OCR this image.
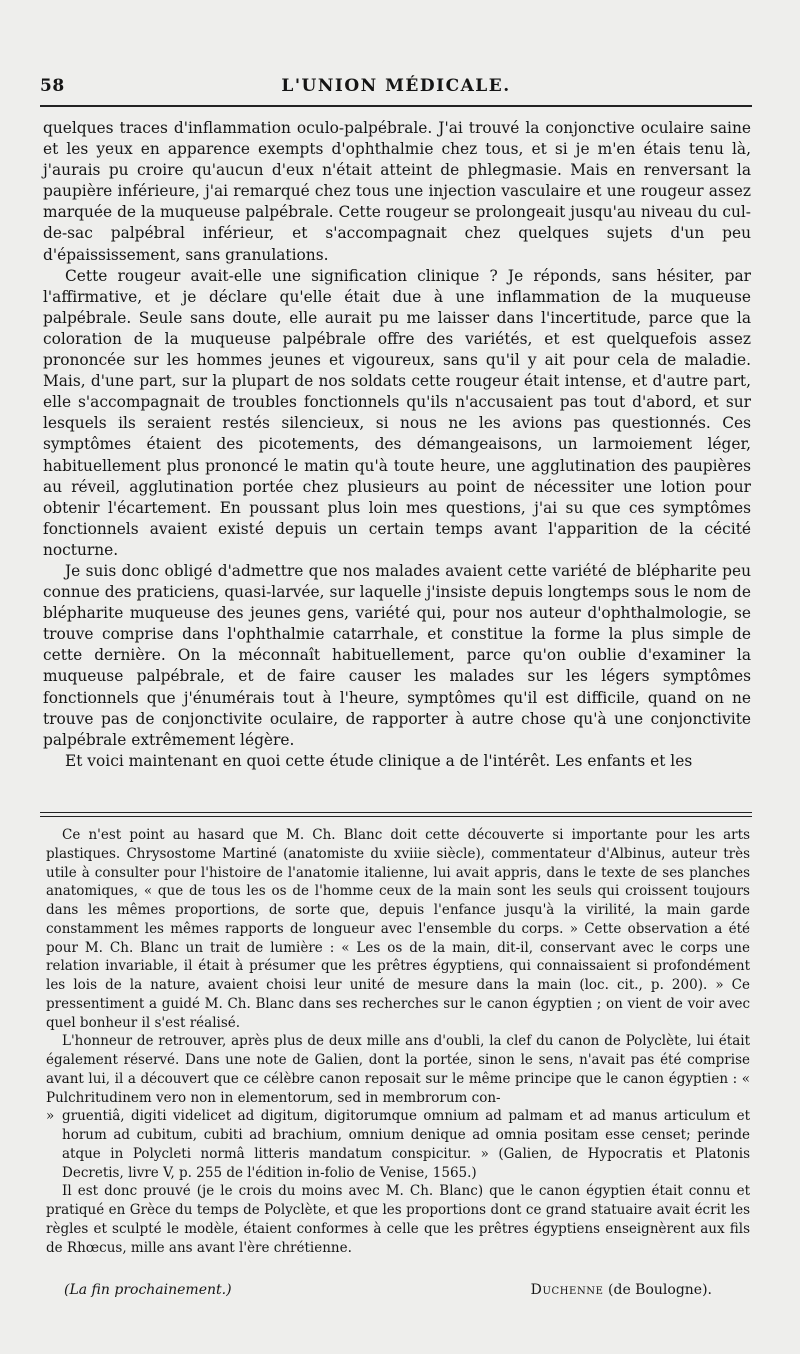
58	L'UNION MÉDICALE.

quelques traces d'inflammation oculo-palpébrale. J'ai trouvé la conjonctive oculaire saine et les yeux en apparence exempts d'ophthalmie chez tous, et si je m'en étais tenu là, j'aurais pu croire qu'aucun d'eux n'était atteint de phlegmasie. Mais en renversant la paupière inférieure, j'ai remarqué chez tous une injection vasculaire et une rougeur assez marquée de la muqueuse palpébrale. Cette rougeur se prolongeait jusqu'au niveau du cul-de-sac palpébral inférieur, et s'accompagnait chez quelques sujets d'un peu d'épaississement, sans granulations.

Cette rougeur avait-elle une signification clinique ? Je réponds, sans hésiter, par l'affirmative, et je déclare qu'elle était due à une inflammation de la muqueuse palpébrale. Seule sans doute, elle aurait pu me laisser dans l'incertitude, parce que la coloration de la muqueuse palpébrale offre des variétés, et est quelquefois assez prononcée sur les hommes jeunes et vigoureux, sans qu'il y ait pour cela de maladie. Mais, d'une part, sur la plupart de nos soldats cette rougeur était intense, et d'autre part, elle s'accompagnait de troubles fonctionnels qu'ils n'accusaient pas tout d'abord, et sur lesquels ils seraient restés silencieux, si nous ne les avions pas questionnés. Ces symptômes étaient des picotements, des démangeaisons, un larmoiement léger, habituellement plus prononcé le matin qu'à toute heure, une agglutination des paupières au réveil, agglutination portée chez plusieurs au point de nécessiter une lotion pour obtenir l'écartement. En poussant plus loin mes questions, j'ai su que ces symptômes fonctionnels avaient existé depuis un certain temps avant l'apparition de la cécité nocturne.

Je suis donc obligé d'admettre que nos malades avaient cette variété de blépharite peu connue des praticiens, quasi-larvée, sur laquelle j'insiste depuis longtemps sous le nom de blépharite muqueuse des jeunes gens, variété qui, pour nos auteur d'ophthalmologie, se trouve comprise dans l'ophthalmie catarrhale, et constitue la forme la plus simple de cette dernière. On la méconnaît habituellement, parce qu'on oublie d'examiner la muqueuse palpébrale, et de faire causer les malades sur les légers symptômes fonctionnels que j'énumérais tout à l'heure, symptômes qu'il est difficile, quand on ne trouve pas de conjonctivite oculaire, de rapporter à autre chose qu'à une conjonctivite palpébrale extrêmement légère.

Et voici maintenant en quoi cette étude clinique a de l'intérêt. Les enfants et les

Ce n'est point au hasard que M. Ch. Blanc doit cette découverte si importante pour les arts plastiques. Chrysostome Martiné (anatomiste du xviiie siècle), commentateur d'Albinus, auteur très utile à consulter pour l'histoire de l'anatomie italienne, lui avait appris, dans le texte de ses planches anatomiques, « que de tous les os de l'homme ceux de la main sont les seuls qui croissent toujours dans les mêmes proportions, de sorte que, depuis l'enfance jusqu'à la virilité, la main garde constamment les mêmes rapports de longueur avec l'ensemble du corps. » Cette observation a été pour M. Ch. Blanc un trait de lumière : « Les os de la main, dit-il, conservant avec le corps une relation invariable, il était à présumer que les prêtres égyptiens, qui connaissaient si profondément les lois de la nature, avaient choisi leur unité de mesure dans la main (loc. cit., p. 200). » Ce pressentiment a guidé M. Ch. Blanc dans ses recherches sur le canon égyptien ; on vient de voir avec quel bonheur il s'est réalisé.

L'honneur de retrouver, après plus de deux mille ans d'oubli, la clef du canon de Polyclète, lui était également réservé. Dans une note de Galien, dont la portée, sinon le sens, n'avait pas été comprise avant lui, il a découvert que ce célèbre canon reposait sur le même principe que le canon égyptien : « Pulchritudinem vero non in elementorum, sed in membrorum con-

» gruentiâ, digiti videlicet ad digitum, digitorumque omnium ad palmam et ad manus articulum et horum ad cubitum, cubiti ad brachium, omnium denique ad omnia positam esse censet; perinde atque in Polycleti normâ litteris mandatum conspicitur. » (Galien, de Hypocratis et Platonis Decretis, livre V, p. 255 de l'édition in-folio de Venise, 1565.)

Il est donc prouvé (je le crois du moins avec M. Ch. Blanc) que le canon égyptien était connu et pratiqué en Grèce du temps de Polyclète, et que les proportions dont ce grand statuaire avait écrit les règles et sculpté le modèle, étaient conformes à celle que les prêtres égyptiens enseignèrent aux fils de Rhœcus, mille ans avant l'ère chrétienne.

(La fin prochainement.)	Duchenne (de Boulogne).
